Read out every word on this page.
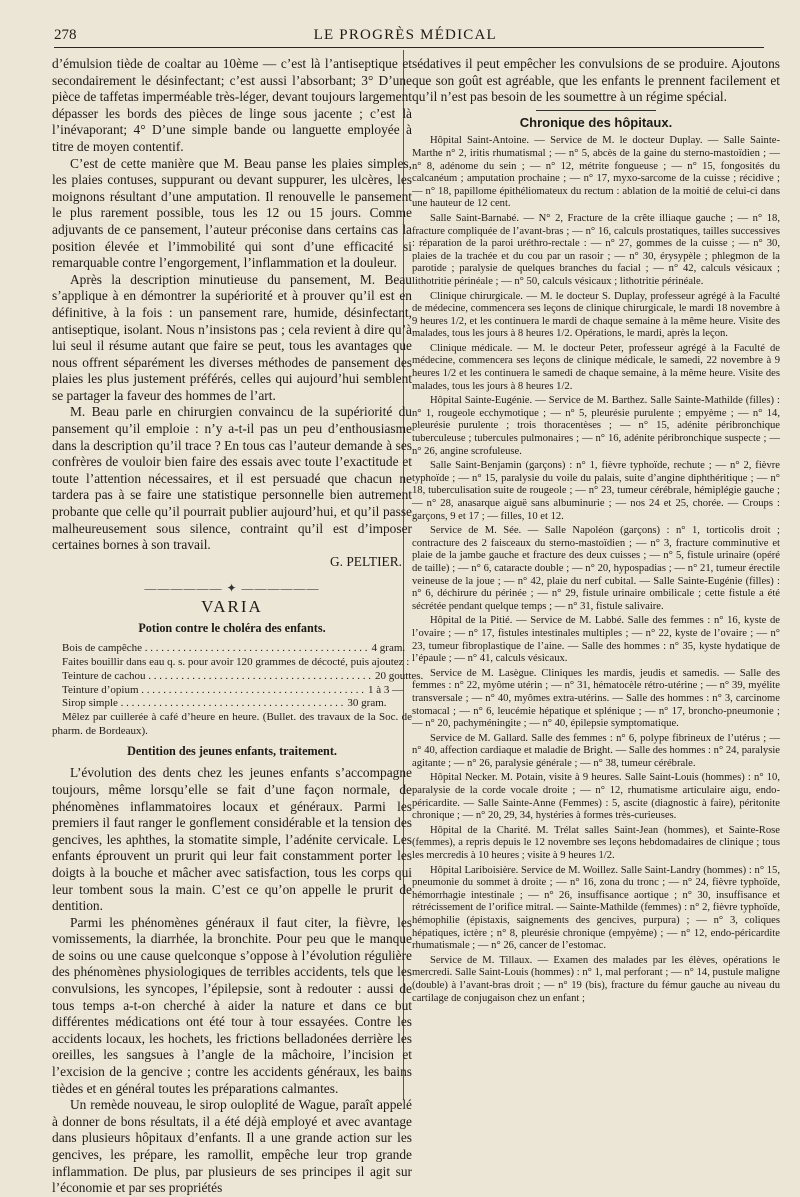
278	LE PROGRÈS MÉDICAL

d’émulsion tiède de coaltar au 10ème — c’est là l’antiseptique et secondairement le désinfectant; c’est aussi l’absorbant; 3° D’une pièce de taffetas imperméable très-léger, devant toujours largement dépasser les bords des pièces de linge sous jacente ; c’est là l’inévaporant; 4° D’une simple bande ou languette employée à titre de moyen contentif.

C’est de cette manière que M. Beau panse les plaies simples, les plaies contuses, suppurant ou devant suppurer, les ulcères, les moignons résultant d’une amputation. Il renouvelle le pansement le plus rarement possible, tous les 12 ou 15 jours. Comme adjuvants de ce pansement, l’auteur préconise dans certains cas la position élevée et l’immobilité qui sont d’une efficacité si remarquable contre l’engorgement, l’inflammation et la douleur.

Après la description minutieuse du pansement, M. Beau s’applique à en démontrer la supériorité et à prouver qu’il est en définitive, à la fois : un pansement rare, humide, désinfectant, antiseptique, isolant. Nous n’insistons pas ; cela revient à dire qu’à lui seul il résume autant que faire se peut, tous les avantages que nous offrent séparément les diverses méthodes de pansement des plaies les plus justement préférés, celles qui aujourd’hui semblent se partager la faveur des hommes de l’art.

M. Beau parle en chirurgien convaincu de la supériorité du pansement qu’il emploie : n’y a-t-il pas un peu d’enthousiasme dans la description qu’il trace ? En tous cas l’auteur demande à ses confrères de vouloir bien faire des essais avec toute l’exactitude et toute l’attention nécessaires, et il est persuadé que chacun ne tardera pas à se faire une statistique personnelle bien autrement probante que celle qu’il pourrait publier aujourd’hui, et qu’il passe malheureusement sous silence, contraint qu’il est d’imposer certaines bornes à son travail.

G. PELTIER.

—————— ✦ ——————
VARIA
Potion contre le choléra des enfants.
Bois de campêche . . .	4 gram.

Faites bouillir dans eau q. s. pour avoir 120 grammes de décocté, puis ajoutez :

Teinture de cachou . . .	20 gouttes.
Teinture d’opium . . .	1 à 3 —
Sirop simple . . .	30 gram.

Mêlez par cuillerée à café d’heure en heure. (Bullet. des travaux de la Soc. de pharm. de Bordeaux).

Dentition des jeunes enfants, traitement.

L’évolution des dents chez les jeunes enfants s’accompagne toujours, même lorsqu’elle se fait d’une façon normale, de phénomènes inflammatoires locaux et généraux. Parmi les premiers il faut ranger le gonflement considérable et la tension des gencives, les aphthes, la stomatite simple, l’adénite cervicale. Les enfants éprouvent un prurit qui leur fait constamment porter les doigts à la bouche et mâcher avec satisfaction, tous les corps qui leur tombent sous la main. C’est ce qu’on appelle le prurit de dentition.

Parmi les phénomènes généraux il faut citer, la fièvre, les vomissements, la diarrhée, la bronchite. Pour peu que le manque de soins ou une cause quelconque s’oppose à l’évolution régulière des phénomènes physiologiques de terribles accidents, tels que les convulsions, les syncopes, l’épilepsie, sont à redouter : aussi de tous temps a-t-on cherché à aider la nature et dans ce but différentes médications ont été tour à tour essayées. Contre les accidents locaux, les hochets, les frictions belladonées derrière les oreilles, les sangsues à l’angle de la mâchoire, l’incision et l’excision de la gencive ; contre les accidents généraux, les bains tièdes et en général toutes les préparations calmantes.

Un remède nouveau, le sirop ouloplité de Wague, paraît appelé à donner de bons résultats, il a été déjà employé et avec avantage dans plusieurs hôpitaux d’enfants. Il a une grande action sur les gencives, les prépare, les ramollit, empêche leur trop grande inflammation. De plus, par plusieurs de ses principes il agit sur l’économie et par ses propriétés

sédatives il peut empêcher les convulsions de se produire. Ajoutons que son goût est agréable, que les enfants le prennent facilement et qu’il n’est pas besoin de les soumettre à un régime spécial.

Chronique des hôpitaux.

Hôpital Saint-Antoine. — Service de M. le docteur Duplay. — Salle Sainte-Marthe n° 2, iritis rhumatismal ; — n° 5, abcès de la gaine du sterno-mastoïdien ; — n° 8, adénome du sein ; — n° 12, métrite fongueuse ; — n° 15, fongosités du calcanéum ; amputation prochaine ; — n° 17, myxo-sarcome de la cuisse ; récidive ; — n° 18, papillome épithéliomateux du rectum : ablation de la moitié de celui-ci dans une hauteur de 12 cent.

Salle Saint-Barnabé. — N° 2, Fracture de la crête illiaque gauche ; — n° 18, fracture compliquée de l’avant-bras ; — n° 16, calculs prostatiques, tailles successives : réparation de la paroi uréthro-rectale : — n° 27, gommes de la cuisse ; — n° 30, plaies de la trachée et du cou par un rasoir ; — n° 30, érysypèle ; phlegmon de la parotide ; paralysie de quelques branches du facial ; — n° 42, calculs vésicaux ; lithotritie périnéale ; — n° 50, calculs vésicaux ; lithotritie périnéale.

Clinique chirurgicale. — M. le docteur S. Duplay, professeur agrégé à la Faculté de médecine, commencera ses leçons de clinique chirurgicale, le mardi 18 novembre à 9 heures 1/2, et les continuera le mardi de chaque semaine à la même heure. Visite des malades, tous les jours à 8 heures 1/2. Opérations, le mardi, après la leçon.

Clinique médicale. — M. le docteur Peter, professeur agrégé à la Faculté de médecine, commencera ses leçons de clinique médicale, le samedi, 22 novembre à 9 heures 1/2 et les continuera le samedi de chaque semaine, à la même heure. Visite des malades, tous les jours à 8 heures 1/2.

Hôpital Sainte-Eugénie. — Service de M. Barthez. Salle Sainte-Mathilde (filles) : n° 1, rougeole ecchymotique ; — n° 5, pleurésie purulente ; empyème ; — n° 14, pleurésie purulente ; trois thoracentèses ; — n° 15, adénite péribronchique tuberculeuse ; tubercules pulmonaires ; — n° 16, adénite péribronchique suspecte ; — n° 26, angine scrofuleuse.

Salle Saint-Benjamin (garçons) : n° 1, fièvre typhoïde, rechute ; — n° 2, fièvre typhoïde ; — n° 15, paralysie du voile du palais, suite d’angine diphthéritique ; — n° 18, tuberculisation suite de rougeole ; — n° 23, tumeur cérébrale, hémiplégie gauche ; — n° 28, anasarque aiguë sans albuminurie ; — nos 24 et 25, chorée. — Croups : garçons, 9 et 17 ; — filles, 10 et 12.

Service de M. Sée. — Salle Napoléon (garçons) : n° 1, torticolis droit ; contracture des 2 faisceaux du sterno-mastoïdien ; — n° 3, fracture comminutive et plaie de la jambe gauche et fracture des deux cuisses ; — n° 5, fistule urinaire (opéré de taille) ; — n° 6, cataracte double ; — n° 20, hypospadias ; — n° 21, tumeur érectile veineuse de la joue ; — n° 42, plaie du nerf cubital. — Salle Sainte-Eugénie (filles) : n° 6, déchirure du périnée ; — n° 29, fistule urinaire ombilicale ; cette fistule a été sécrétée pendant quelque temps ; — n° 31, fistule salivaire.

Hôpital de la Pitié. — Service de M. Labbé. Salle des femmes : n° 16, kyste de l’ovaire ; — n° 17, fistules intestinales multiples ; — n° 22, kyste de l’ovaire ; — n° 23, tumeur fibroplastique de l’aine. — Salle des hommes : n° 35, kyste hydatique de l’épaule ; — n° 41, calculs vésicaux.

Service de M. Lasègue. Cliniques les mardis, jeudis et samedis. — Salle des femmes : n° 22, myôme utérin ; — n° 31, hématocèle rétro-utérine ; — n° 39, myélite transversale ; — n° 40, myômes extra-utérins. — Salle des hommes : n° 3, carcinome stomacal ; — n° 6, leucémie hépatique et splénique ; — n° 17, broncho-pneumonie ; — n° 20, pachyméningite ; — n° 40, épilepsie symptomatique.

Service de M. Gallard. Salle des femmes : n° 6, polype fibrineux de l’utérus ; — n° 40, affection cardiaque et maladie de Bright. — Salle des hommes : n° 24, paralysie agitante ; — n° 26, paralysie générale ; — n° 38, tumeur cérébrale.

Hôpital Necker. M. Potain, visite à 9 heures. Salle Saint-Louis (hommes) : n° 10, paralysie de la corde vocale droite ; — n° 12, rhumatisme articulaire aigu, endo-péricardite. — Salle Sainte-Anne (Femmes) : 5, ascite (diagnostic à faire), péritonite chronique ; — n° 20, 29, 34, hystéries à formes très-curieuses.

Hôpital de la Charité. M. Trélat salles Saint-Jean (hommes), et Sainte-Rose (femmes), a repris depuis le 12 novembre ses leçons hebdomadaires de clinique ; tous les mercredis à 10 heures ; visite à 9 heures 1/2.

Hôpital Lariboisière. Service de M. Woillez. Salle Saint-Landry (hommes) : n° 15, pneumonie du sommet à droite ; — n° 16, zona du tronc ; — n° 24, fièvre typhoïde, hémorrhagie intestinale ; — n° 26, insuffisance aortique ; n° 30, insuffisance et rétrécissement de l’orifice mitral. — Sainte-Mathilde (femmes) : n° 2, fièvre typhoïde, hémophilie (épistaxis, saignements des gencives, purpura) ; — n° 3, coliques hépatiques, ictère ; n° 8, pleurésie chronique (empyème) ; — n° 12, endo-péricardite rhumatismale ; — n° 26, cancer de l’estomac.

Service de M. Tillaux. — Examen des malades par les élèves, opérations le mercredi. Salle Saint-Louis (hommes) : n° 1, mal perforant ; — n° 14, pustule maligne (double) à l’avant-bras droit ; — n° 19 (bis), fracture du fémur gauche au niveau du cartilage de conjugaison chez un enfant ;
